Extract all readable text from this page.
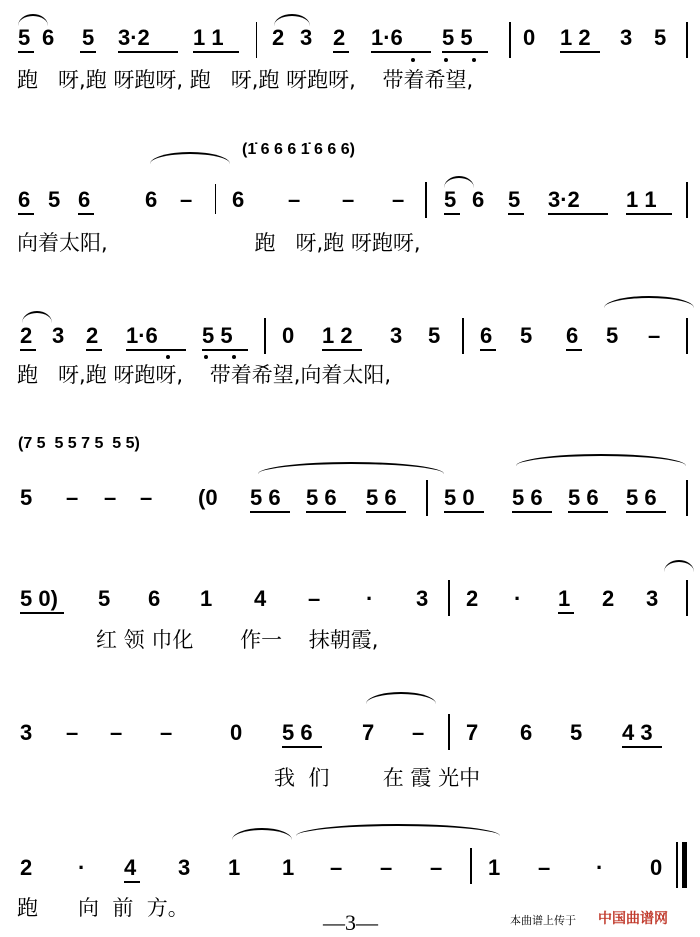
5 6 5 3·2 1 1 2 3 2 1·6 5 5 0 1 2 3 5
跑   呀,跑 呀跑呀, 跑   呀,跑 呀跑呀,    带着希望,
(1̇ 6 6 6 1̇ 6 6 6)
6 5 6 6 – 6 – – – 5 6 5 3·2 1 1
向着太阳,                      跑   呀,跑 呀跑呀,
2 3 2 1·6 5 5 0 1 2 3 5 6 5 6 5 –
跑   呀,跑 呀跑呀,    带着希望,向着太阳,
(7 5  5 5 7 5  5 5)
5 – – – (0 5 6 5 6 5 6 5 0 5 6 5 6 5 6
5 0) 5 6 1 4 – · 3 2 · 1 2 3
红 领 巾化       作一    抹朝霞,
3 – – –	0 5 6 7 – 7 6 5 4 3
我  们        在 霞 光中
2 · 4 3 1 1 – – – 1 – · 0
跑      向  前  方。
—3—	本曲谱上传于 中国曲谱网
